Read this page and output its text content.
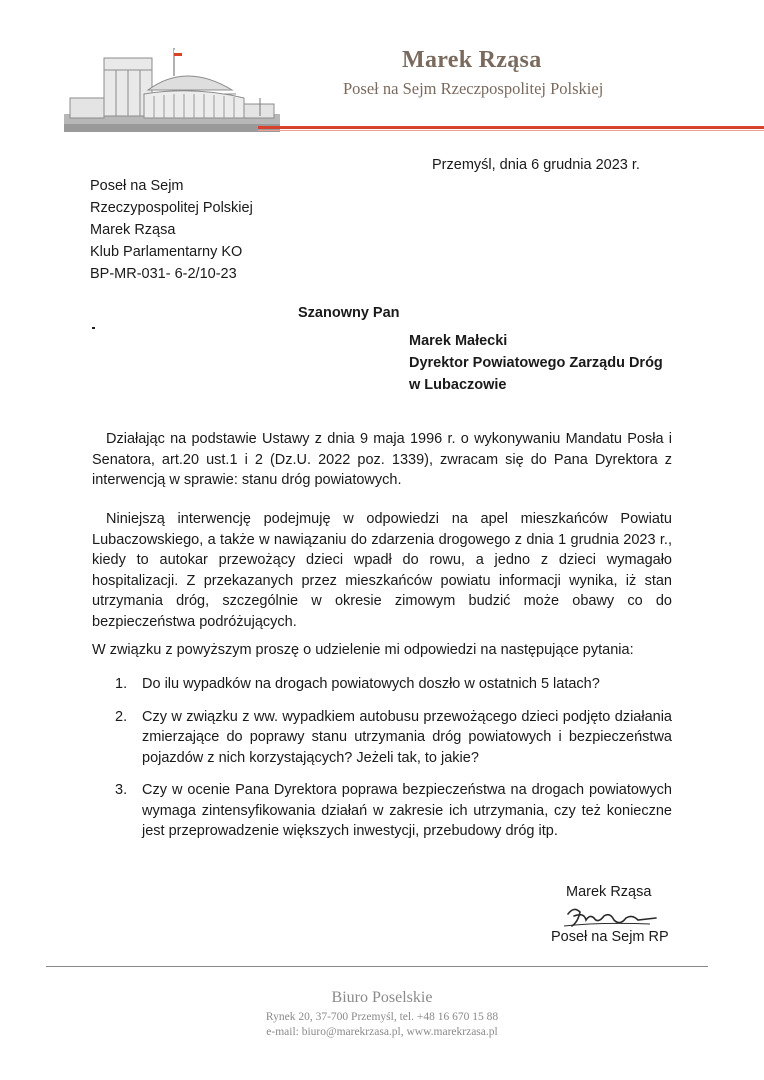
Marek Rząsa
Poseł na Sejm Rzeczpospolitej Polskiej
Przemyśl, dnia 6 grudnia 2023 r.
Poseł na Sejm
Rzeczypospolitej Polskiej
Marek Rząsa
Klub Parlamentarny KO
BP-MR-031- 6-2/10-23
Szanowny Pan
Marek Małecki
Dyrektor Powiatowego Zarządu Dróg
w Lubaczowie
Działając na podstawie Ustawy z dnia 9 maja 1996 r. o wykonywaniu Mandatu Posła i Senatora, art.20 ust.1 i 2 (Dz.U. 2022 poz. 1339), zwracam się do Pana Dyrektora z interwencją w sprawie: stanu dróg powiatowych.
Niniejszą interwencję podejmuję w odpowiedzi na apel mieszkańców Powiatu Lubaczowskiego, a także w nawiązaniu do zdarzenia drogowego z dnia 1 grudnia 2023 r., kiedy to autokar przewożący dzieci wpadł do rowu, a jedno z dzieci wymagało hospitalizacji. Z przekazanych przez mieszkańców powiatu informacji wynika, iż stan utrzymania dróg, szczególnie w okresie zimowym budzić może obawy co do bezpieczeństwa podróżujących.
W związku z powyższym proszę o udzielenie mi odpowiedzi na następujące pytania:
1.	Do ilu wypadków na drogach powiatowych doszło w ostatnich 5 latach?
2.	Czy w związku z ww. wypadkiem autobusu przewożącego dzieci podjęto działania zmierzające do poprawy stanu utrzymania dróg powiatowych i bezpieczeństwa pojazdów z nich korzystających? Jeżeli tak, to jakie?
3.	Czy w ocenie Pana Dyrektora poprawa bezpieczeństwa na drogach powiatowych wymaga zintensyfikowania działań w zakresie ich utrzymania, czy też konieczne jest przeprowadzenie większych inwestycji, przebudowy dróg itp.
Marek Rząsa
Poseł na Sejm RP
Biuro Poselskie
Rynek 20, 37-700 Przemyśl, tel. +48 16 670 15 88
e-mail: biuro@marekrzasa.pl, www.marekrzasa.pl
